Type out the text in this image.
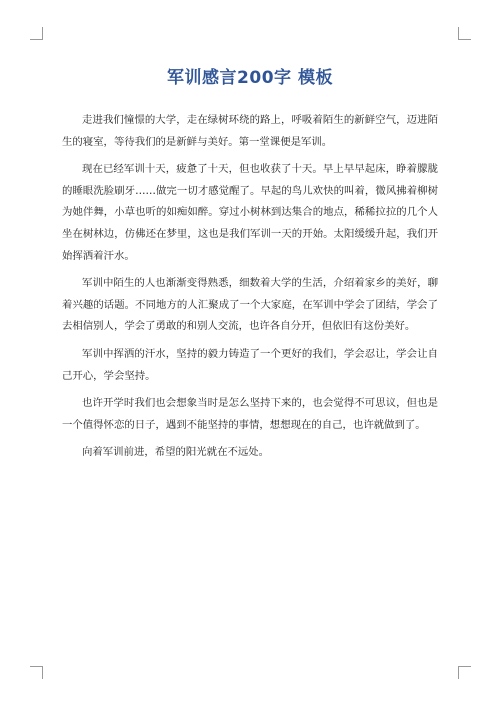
军训感言200字 模板

走进我们憧憬的大学，走在绿树环绕的路上，呼吸着陌生的新鲜空气，迈进陌生的寝室，等待我们的是新鲜与美好。第一堂课便是军训。

现在已经军训十天，疲惫了十天，但也收获了十天。早上早早起床，睁着朦胧的睡眼洗脸刷牙……做完一切才感觉醒了。早起的鸟儿欢快的叫着，微风拂着柳树为她伴舞，小草也听的如痴如醉。穿过小树林到达集合的地点，稀稀拉拉的几个人坐在树林边，仿佛还在梦里，这也是我们军训一天的开始。太阳缓缓升起，我们开始挥洒着汗水。

军训中陌生的人也渐渐变得熟悉，细数着大学的生活，介绍着家乡的美好，聊着兴趣的话题。不同地方的人汇聚成了一个大家庭，在军训中学会了团结，学会了去相信别人，学会了勇敢的和别人交流，也许各自分开，但依旧有这份美好。

军训中挥洒的汗水，坚持的毅力铸造了一个更好的我们，学会忍让，学会让自己开心，学会坚持。

也许开学时我们也会想象当时是怎么坚持下来的，也会觉得不可思议，但也是一个值得怀恋的日子，遇到不能坚持的事情，想想现在的自己，也许就做到了。

向着军训前进，希望的阳光就在不远处。
